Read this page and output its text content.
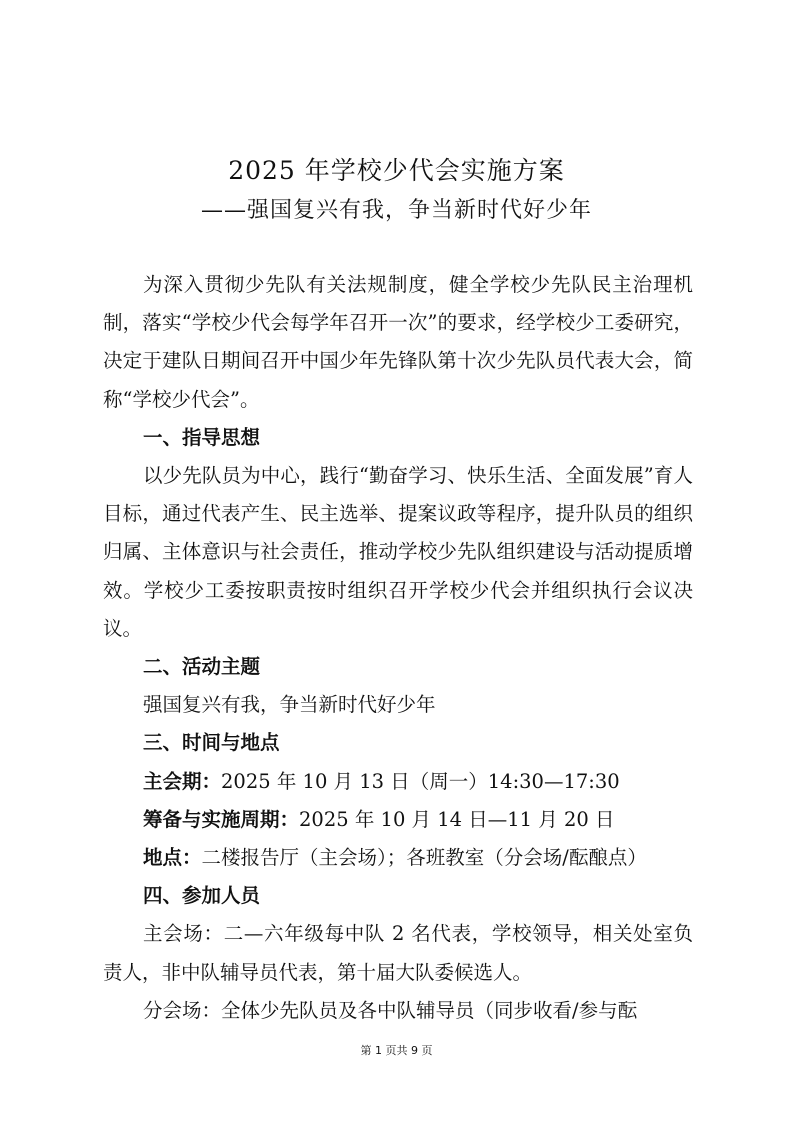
2025 年学校少代会实施方案
——强国复兴有我，争当新时代好少年

为深入贯彻少先队有关法规制度，健全学校少先队民主治理机制，落实“学校少代会每学年召开一次”的要求，经学校少工委研究，决定于建队日期间召开中国少年先锋队第十次少先队员代表大会，简称“学校少代会”。

一、指导思想

以少先队员为中心，践行“勤奋学习、快乐生活、全面发展”育人目标，通过代表产生、民主选举、提案议政等程序，提升队员的组织归属、主体意识与社会责任，推动学校少先队组织建设与活动提质增效。学校少工委按职责按时组织召开学校少代会并组织执行会议决议。

二、活动主题

强国复兴有我，争当新时代好少年

三、时间与地点

主会期：2025 年 10 月 13 日（周一）14:30—17:30

筹备与实施周期：2025 年 10 月 14 日—11 月 20 日

地点：二楼报告厅（主会场）；各班教室（分会场/酝酿点）

四、参加人员

主会场：二—六年级每中队 2 名代表，学校领导，相关处室负责人，非中队辅导员代表，第十届大队委候选人。

分会场：全体少先队员及各中队辅导员（同步收看/参与酝

第 1 页共 9 页
